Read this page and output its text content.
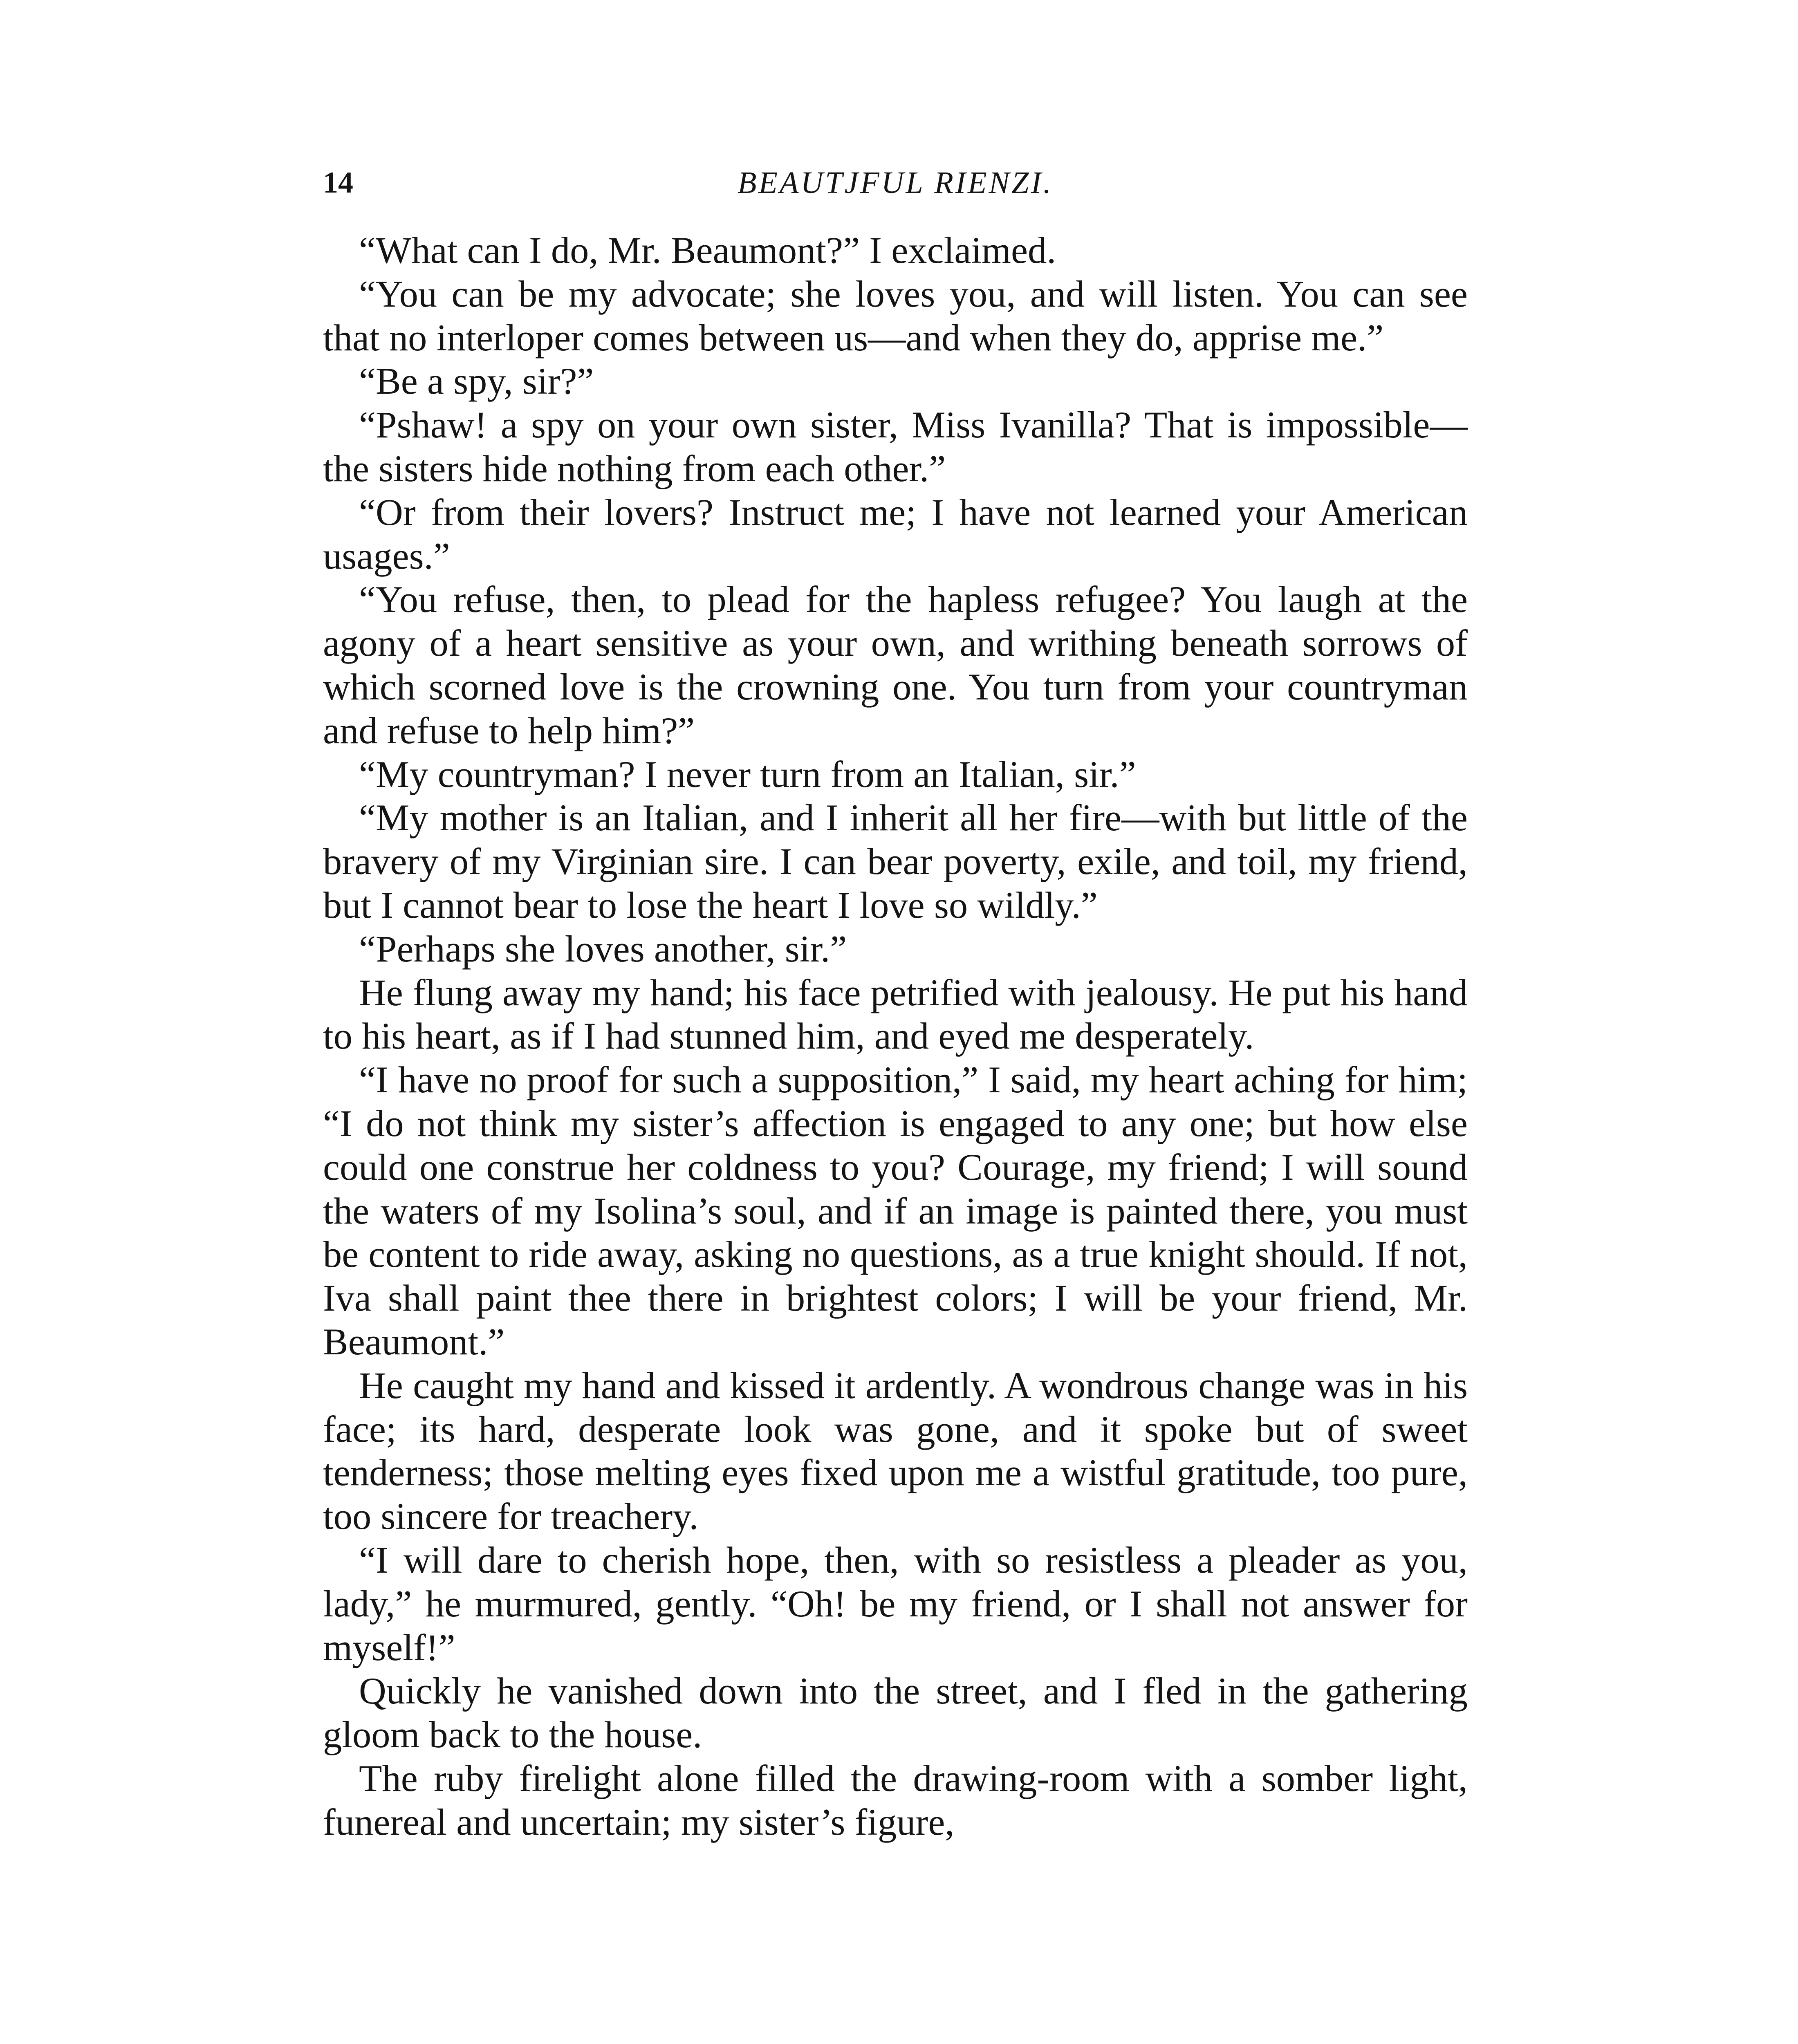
14	BEAUTJFUL RIENZI.

“What can I do, Mr. Beaumont?” I exclaimed.

“You can be my advocate; she loves you, and will listen. You can see that no interloper comes between us—and when they do, apprise me.”

“Be a spy, sir?”

“Pshaw! a spy on your own sister, Miss Ivanilla? That is impossible—the sisters hide nothing from each other.”

“Or from their lovers? Instruct me; I have not learned your American usages.”

“You refuse, then, to plead for the hapless refugee? You laugh at the agony of a heart sensitive as your own, and writhing beneath sorrows of which scorned love is the crowning one. You turn from your countryman and refuse to help him?”

“My countryman? I never turn from an Italian, sir.”

“My mother is an Italian, and I inherit all her fire—with but little of the bravery of my Virginian sire. I can bear poverty, exile, and toil, my friend, but I cannot bear to lose the heart I love so wildly.”

“Perhaps she loves another, sir.”

He flung away my hand; his face petrified with jealousy. He put his hand to his heart, as if I had stunned him, and eyed me desperately.

“I have no proof for such a supposition,” I said, my heart aching for him; “I do not think my sister’s affection is engaged to any one; but how else could one construe her coldness to you? Courage, my friend; I will sound the waters of my Isolina’s soul, and if an image is painted there, you must be content to ride away, asking no questions, as a true knight should. If not, Iva shall paint thee there in brightest colors; I will be your friend, Mr. Beaumont.”

He caught my hand and kissed it ardently. A wondrous change was in his face; its hard, desperate look was gone, and it spoke but of sweet tenderness; those melting eyes fixed upon me a wistful gratitude, too pure, too sincere for treachery.

“I will dare to cherish hope, then, with so resistless a pleader as you, lady,” he murmured, gently. “Oh! be my friend, or I shall not answer for myself!”

Quickly he vanished down into the street, and I fled in the gathering gloom back to the house.

The ruby firelight alone filled the drawing-room with a somber light, funereal and uncertain; my sister’s figure,
